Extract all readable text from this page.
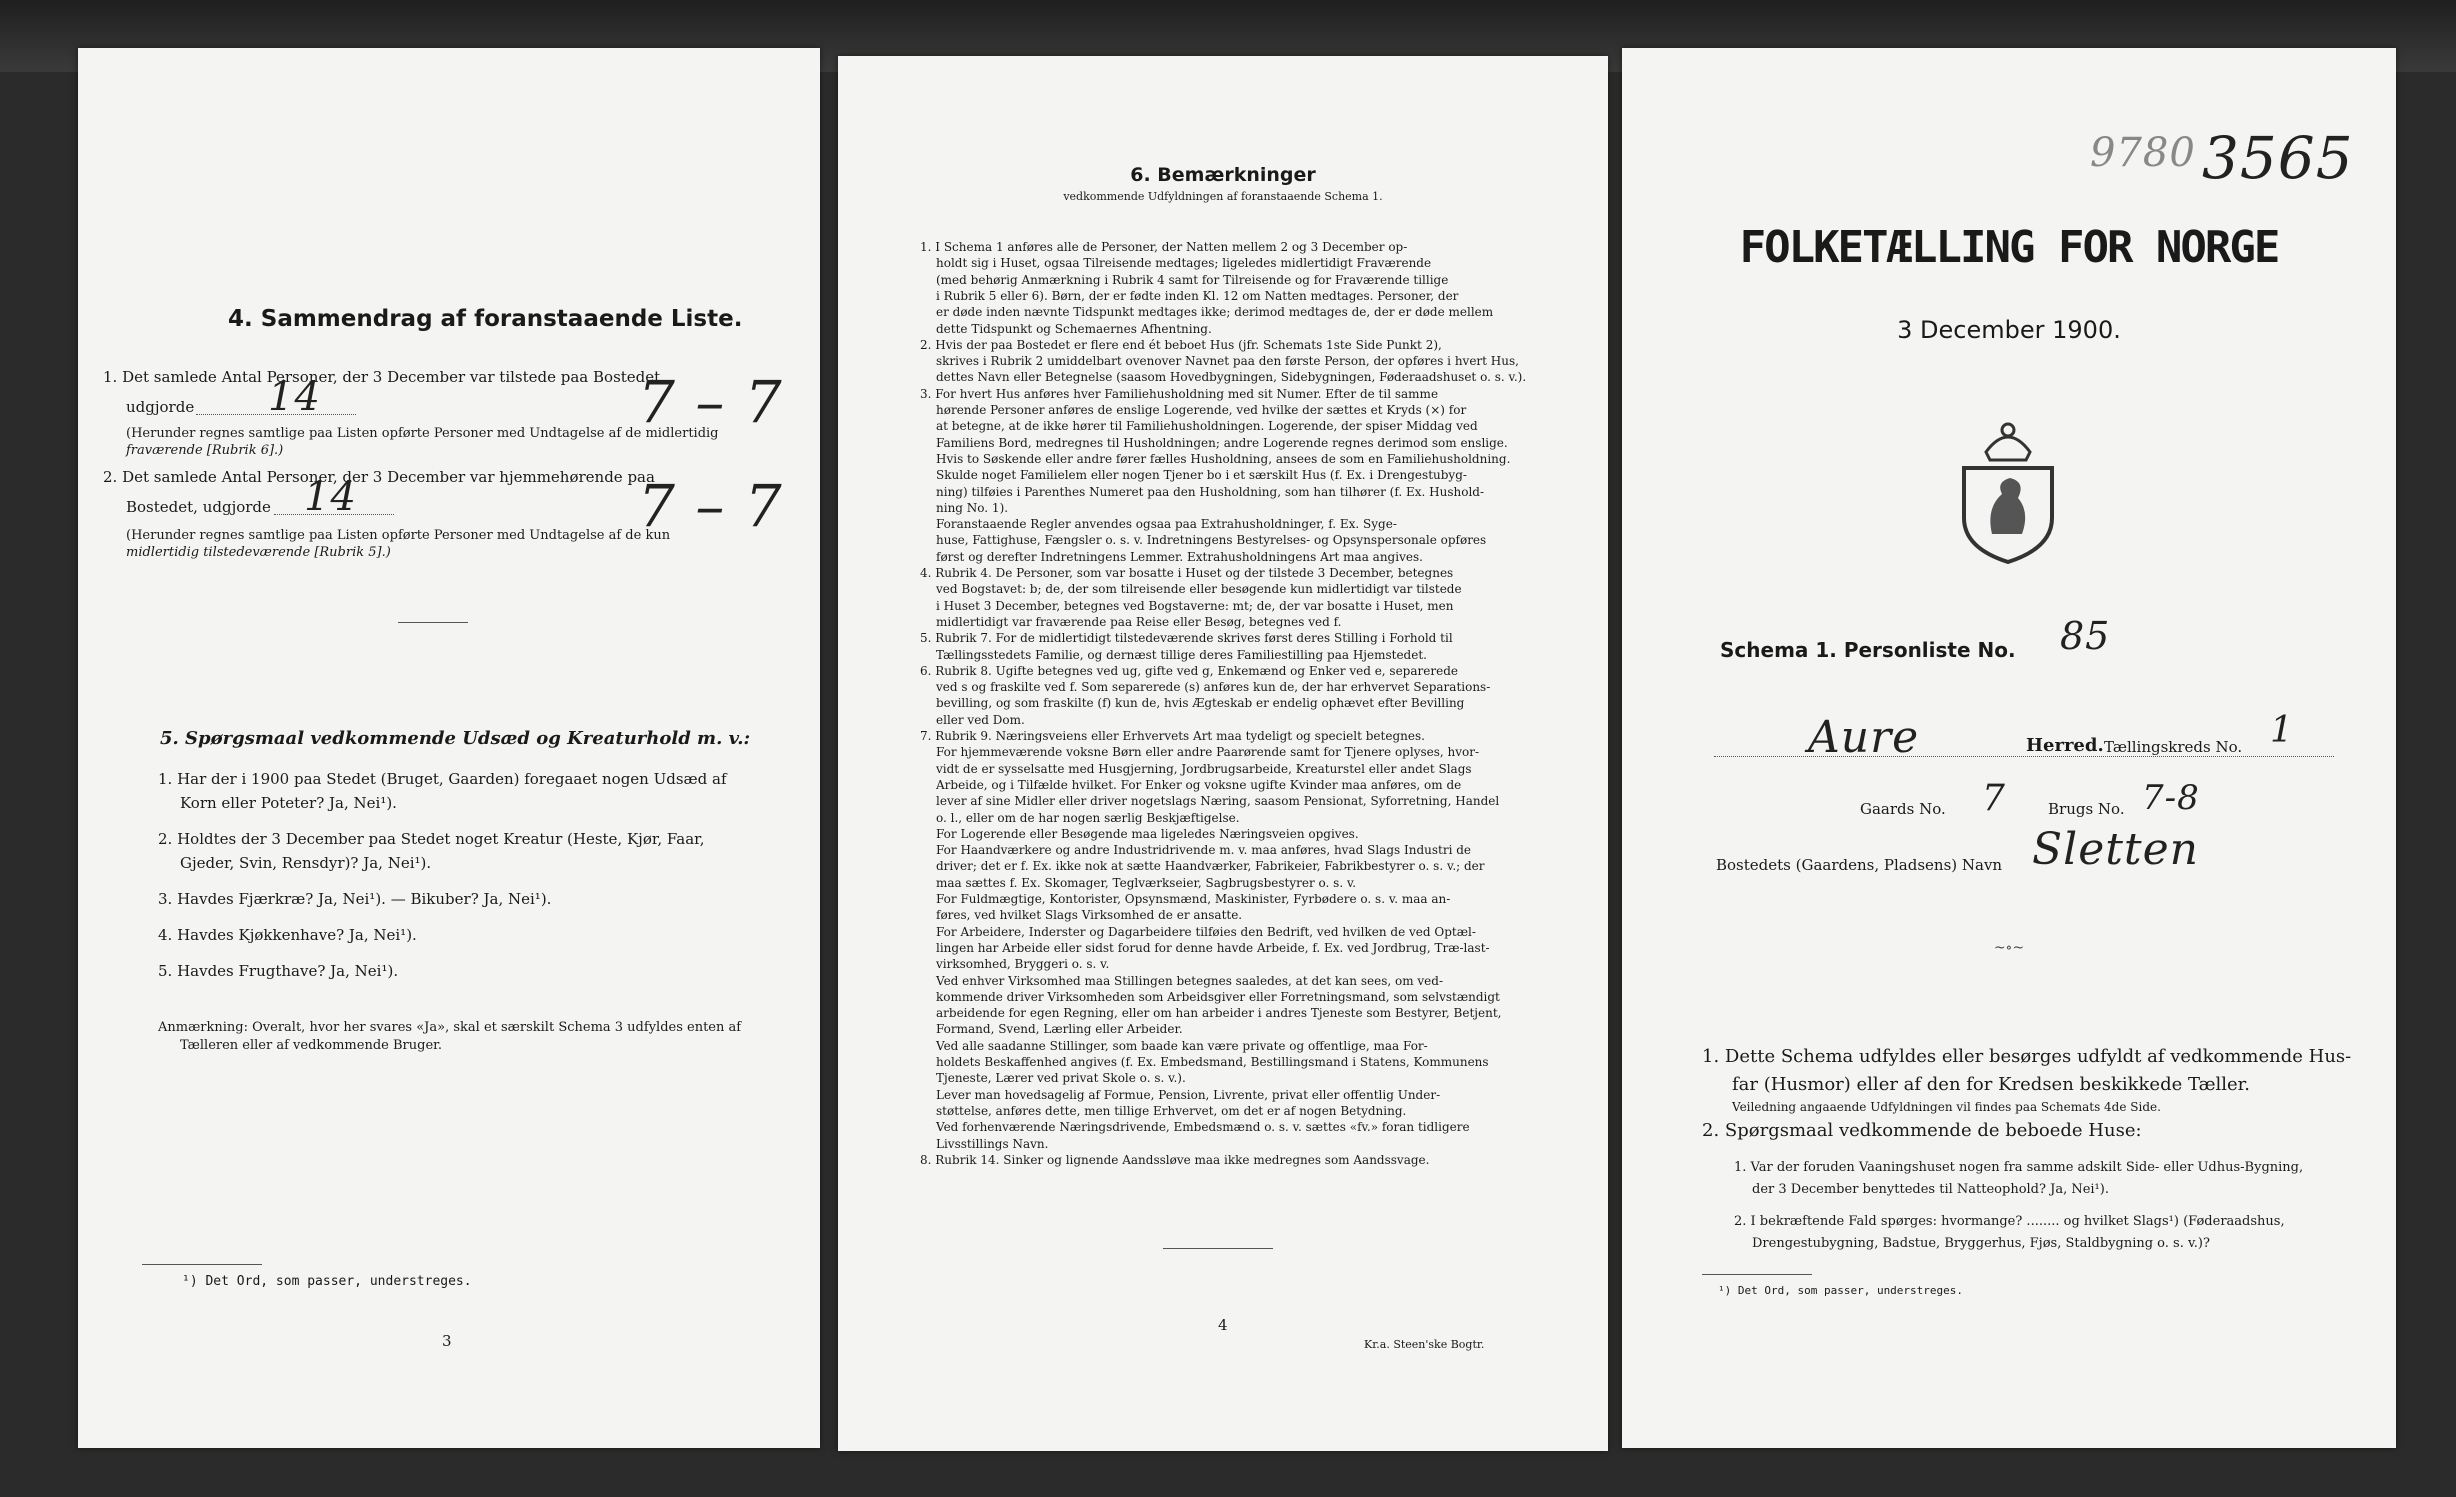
4. Sammendrag af foranstaaende Liste.
1. Det samlede Antal Personer, der 3 December var tilstede paa Bostedet,
udgjorde 14	7 – 7
(Herunder regnes samtlige paa Listen opførte Personer med Undtagelse af de midlertidig
fraværende [Rubrik 6].)
2. Det samlede Antal Personer, der 3 December var hjemmehørende paa
Bostedet, udgjorde 14	7 – 7
(Herunder regnes samtlige paa Listen opførte Personer med Undtagelse af de kun
midlertidig tilstedeværende [Rubrik 5].)
5. Spørgsmaal vedkommende Udsæd og Kreaturhold m. v.:
1. Har der i 1900 paa Stedet (Bruget, Gaarden) foregaaet nogen Udsæd af
Korn eller Poteter? Ja, Nei¹).
2. Holdtes der 3 December paa Stedet noget Kreatur (Heste, Kjør, Faar,
Gjeder, Svin, Rensdyr)? Ja, Nei¹).
3. Havdes Fjærkræ? Ja, Nei¹). — Bikuber? Ja, Nei¹).
4. Havdes Kjøkkenhave? Ja, Nei¹).
5. Havdes Frugthave? Ja, Nei¹).
Anmærkning: Overalt, hvor her svares «Ja», skal et særskilt Schema 3 udfyldes enten af
Tælleren eller af vedkommende Bruger.
¹) Det Ord, som passer, understreges.
3
6. Bemærkninger
vedkommende Udfyldningen af foranstaaende Schema 1.
1. I Schema 1 anføres alle de Personer, der Natten mellem 2 og 3 December op-
holdt sig i Huset, ogsaa Tilreisende medtages; ligeledes midlertidigt Fraværende
(med behørig Anmærkning i Rubrik 4 samt for Tilreisende og for Fraværende tillige
i Rubrik 5 eller 6). Børn, der er fødte inden Kl. 12 om Natten medtages. Personer, der
er døde inden nævnte Tidspunkt medtages ikke; derimod medtages de, der er døde mellem
dette Tidspunkt og Schemaernes Afhentning.
2. Hvis der paa Bostedet er flere end ét beboet Hus (jfr. Schemats 1ste Side Punkt 2),
skrives i Rubrik 2 umiddelbart ovenover Navnet paa den første Person, der opføres i hvert Hus,
dettes Navn eller Betegnelse (saasom Hovedbygningen, Sidebygningen, Føderaadshuset o. s. v.).
3. For hvert Hus anføres hver Familiehusholdning med sit Numer. Efter de til samme
hørende Personer anføres de enslige Logerende, ved hvilke der sættes et Kryds (×) for
at betegne, at de ikke hører til Familiehusholdningen. Logerende, der spiser Middag ved
Familiens Bord, medregnes til Husholdningen; andre Logerende regnes derimod som enslige.
Hvis to Søskende eller andre fører fælles Husholdning, ansees de som en Familiehusholdning.
Skulde noget Familielem eller nogen Tjener bo i et særskilt Hus (f. Ex. i Drengestubyg-
ning) tilføies i Parenthes Numeret paa den Husholdning, som han tilhører (f. Ex. Hushold-
ning No. 1).
Foranstaaende Regler anvendes ogsaa paa Extrahusholdninger, f. Ex. Syge-
huse, Fattighuse, Fængsler o. s. v. Indretningens Bestyrelses- og Opsynspersonale opføres
først og derefter Indretningens Lemmer. Extrahusholdningens Art maa angives.
4. Rubrik 4. De Personer, som var bosatte i Huset og der tilstede 3 December, betegnes
ved Bogstavet: b; de, der som tilreisende eller besøgende kun midlertidigt var tilstede
i Huset 3 December, betegnes ved Bogstaverne: mt; de, der var bosatte i Huset, men
midlertidigt var fraværende paa Reise eller Besøg, betegnes ved f.
5. Rubrik 7. For de midlertidigt tilstedeværende skrives først deres Stilling i Forhold til
Tællingsstedets Familie, og dernæst tillige deres Familiestilling paa Hjemstedet.
6. Rubrik 8. Ugifte betegnes ved ug, gifte ved g, Enkemænd og Enker ved e, separerede
ved s og fraskilte ved f. Som separerede (s) anføres kun de, der har erhvervet Separations-
bevilling, og som fraskilte (f) kun de, hvis Ægteskab er endelig ophævet efter Bevilling
eller ved Dom.
7. Rubrik 9. Næringsveiens eller Erhvervets Art maa tydeligt og specielt betegnes.
For hjemmeværende voksne Børn eller andre Paarørende samt for Tjenere oplyses, hvor-
vidt de er sysselsatte med Husgjerning, Jordbrugsarbeide, Kreaturstel eller andet Slags
Arbeide, og i Tilfælde hvilket. For Enker og voksne ugifte Kvinder maa anføres, om de
lever af sine Midler eller driver nogetslags Næring, saasom Pensionat, Syforretning, Handel
o. l., eller om de har nogen særlig Beskjæftigelse.
For Logerende eller Besøgende maa ligeledes Næringsveien opgives.
For Haandværkere og andre Industridrivende m. v. maa anføres, hvad Slags Industri de
driver; det er f. Ex. ikke nok at sætte Haandværker, Fabrikeier, Fabrikbestyrer o. s. v.; der
maa sættes f. Ex. Skomager, Teglværkseier, Sagbrugsbestyrer o. s. v.
For Fuldmægtige, Kontorister, Opsynsmænd, Maskinister, Fyrbødere o. s. v. maa an-
føres, ved hvilket Slags Virksomhed de er ansatte.
For Arbeidere, Inderster og Dagarbeidere tilføies den Bedrift, ved hvilken de ved Optæl-
lingen har Arbeide eller sidst forud for denne havde Arbeide, f. Ex. ved Jordbrug, Træ-last-
virksomhed, Bryggeri o. s. v.
Ved enhver Virksomhed maa Stillingen betegnes saaledes, at det kan sees, om ved-
kommende driver Virksomheden som Arbeidsgiver eller Forretningsmand, som selvstændigt
arbeidende for egen Regning, eller om han arbeider i andres Tjeneste som Bestyrer, Betjent,
Formand, Svend, Lærling eller Arbeider.
Ved alle saadanne Stillinger, som baade kan være private og offentlige, maa For-
holdets Beskaffenhed angives (f. Ex. Embedsmand, Bestillingsmand i Statens, Kommunens
Tjeneste, Lærer ved privat Skole o. s. v.).
Lever man hovedsagelig af Formue, Pension, Livrente, privat eller offentlig Under-
støttelse, anføres dette, men tillige Erhvervet, om det er af nogen Betydning.
Ved forhenværende Næringsdrivende, Embedsmænd o. s. v. sættes «fv.» foran tidligere
Livsstillings Navn.
8. Rubrik 14. Sinker og lignende Aandssløve maa ikke medregnes som Aandssvage.
4
Kr.a. Steen'ske Bogtr.
9780 3565
FOLKETÆLLING FOR NORGE
3 December 1900.
Schema 1. Personliste No. 85
Aure	Herred. Tællingskreds No. 1
Gaards No. 7	Brugs No. 7-8
Bostedets (Gaardens, Pladsens) Navn Sletten
~∘~
1. Dette Schema udfyldes eller besørges udfyldt af vedkommende Hus-
far (Husmor) eller af den for Kredsen beskikkede Tæller.
Veiledning angaaende Udfyldningen vil findes paa Schemats 4de Side.
2. Spørgsmaal vedkommende de beboede Huse:
1. Var der foruden Vaaningshuset nogen fra samme adskilt Side- eller Udhus-Bygning,
der 3 December benyttedes til Natteophold? Ja, Nei¹).
2. I bekræftende Fald spørges: hvormange? ........ og hvilket Slags¹) (Føderaadshus,
Drengestubygning, Badstue, Bryggerhus, Fjøs, Staldbygning o. s. v.)?
¹) Det Ord, som passer, understreges.
